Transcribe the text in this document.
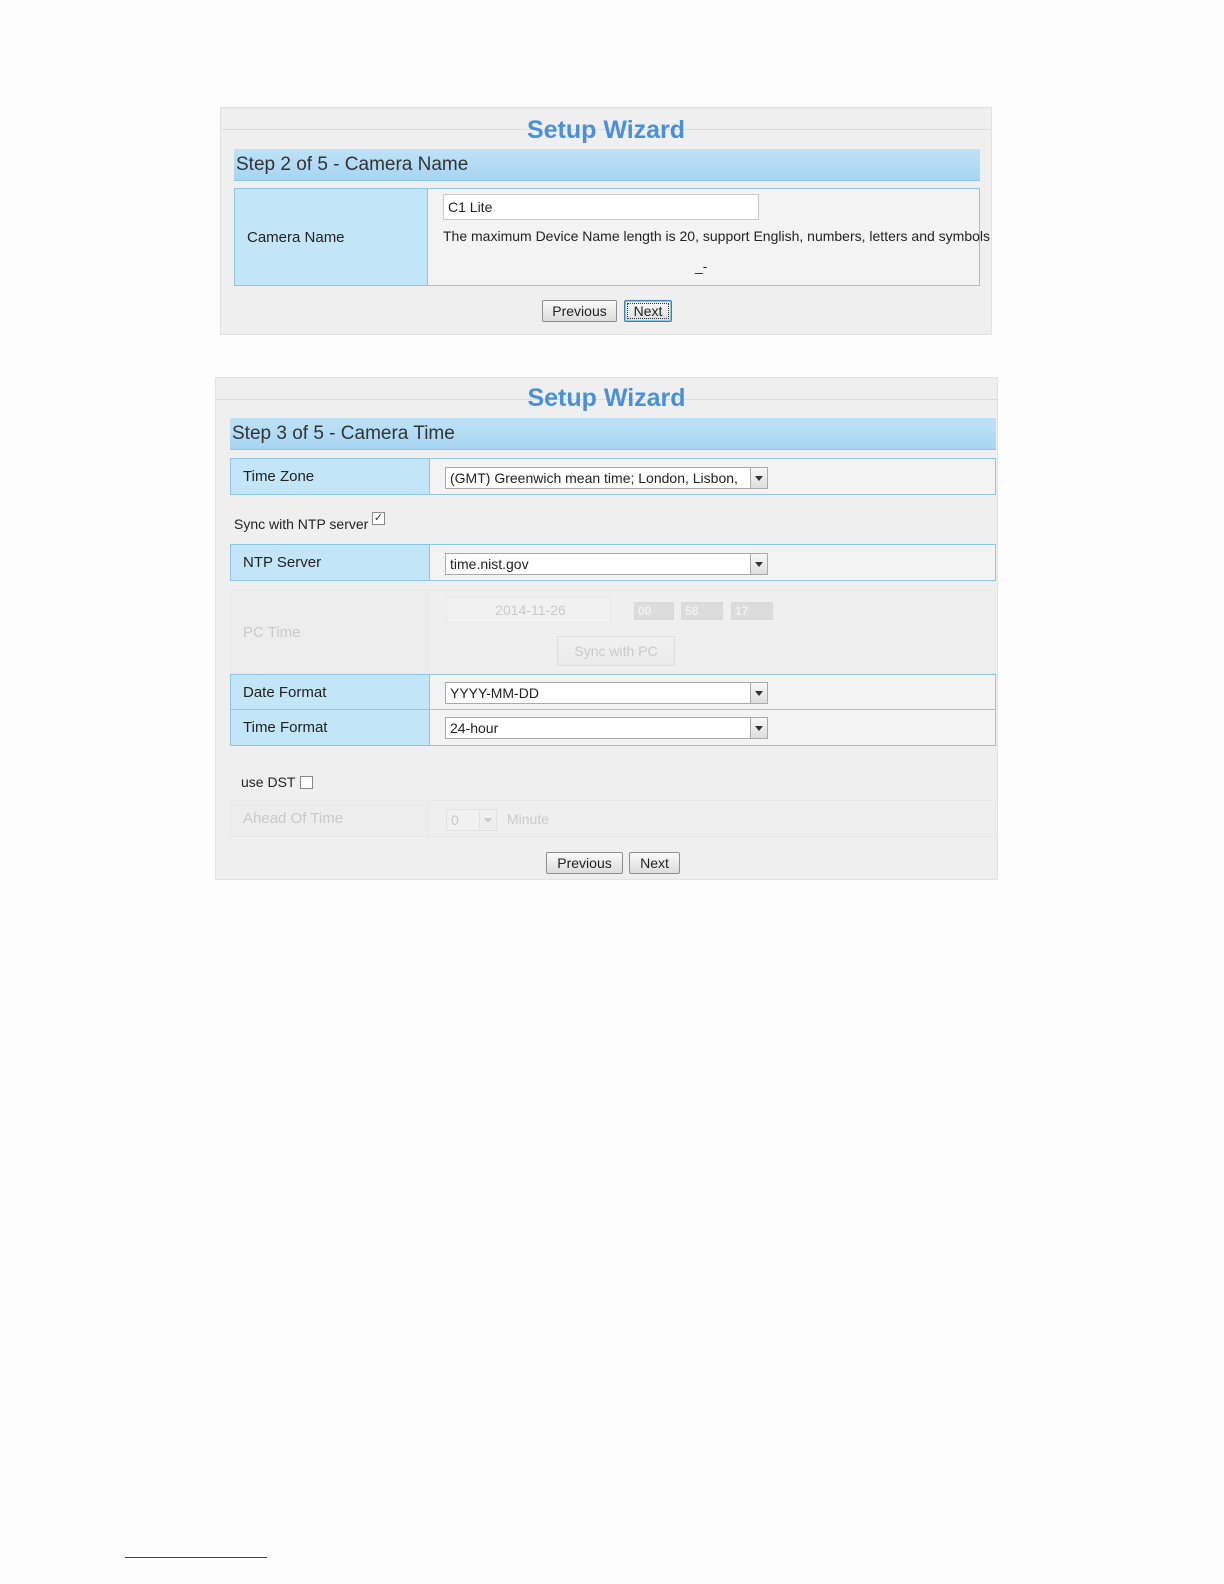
Setup Wizard
Step 2 of 5 - Camera Name
Camera Name
C1 Lite
The maximum Device Name length is 20, support English, numbers, letters and symbols
_-
Previous	Next
Setup Wizard
Step 3 of 5 - Camera Time
Time Zone	(GMT) Greenwich mean time; London, Lisbon,
Sync with NTP server ✓
NTP Server	time.nist.gov
PC Time
2014-11-26	00	58	17
Sync with PC
Date Format	YYYY-MM-DD
Time Format	24-hour
use DST
Ahead Of Time	0	Minute
Previous	Next
